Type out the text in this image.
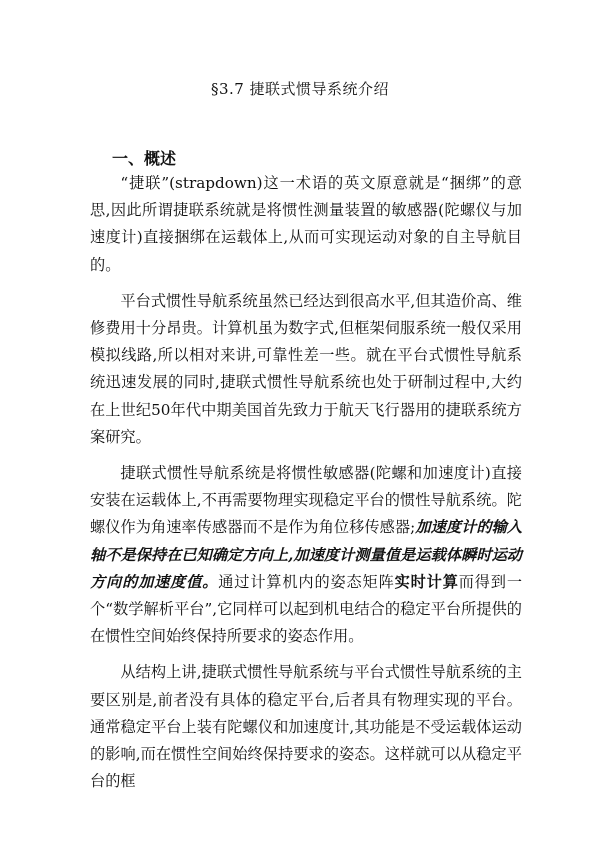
§3.7 捷联式惯导系统介绍
一、概述

“捷联”(strapdown)这一术语的英文原意就是“捆绑”的意思,因此所谓捷联系统就是将惯性测量装置的敏感器(陀螺仪与加速度计)直接捆绑在运载体上,从而可实现运动对象的自主导航目的。

平台式惯性导航系统虽然已经达到很高水平,但其造价高、维修费用十分昂贵。计算机虽为数字式,但框架伺服系统一般仅采用模拟线路,所以相对来讲,可靠性差一些。就在平台式惯性导航系统迅速发展的同时,捷联式惯性导航系统也处于研制过程中,大约在上世纪50年代中期美国首先致力于航天飞行器用的捷联系统方案研究。

捷联式惯性导航系统是将惯性敏感器(陀螺和加速度计)直接安装在运载体上,不再需要物理实现稳定平台的惯性导航系统。陀螺仪作为角速率传感器而不是作为角位移传感器;加速度计的输入轴不是保持在已知确定方向上,加速度计测量值是运载体瞬时运动方向的加速度值。通过计算机内的姿态矩阵实时计算而得到一个“数学解析平台”,它同样可以起到机电结合的稳定平台所提供的在惯性空间始终保持所要求的姿态作用。

从结构上讲,捷联式惯性导航系统与平台式惯性导航系统的主要区别是,前者没有具体的稳定平台,后者具有物理实现的平台。通常稳定平台上装有陀螺仪和加速度计,其功能是不受运载体运动的影响,而在惯性空间始终保持要求的姿态。这样就可以从稳定平台的框
